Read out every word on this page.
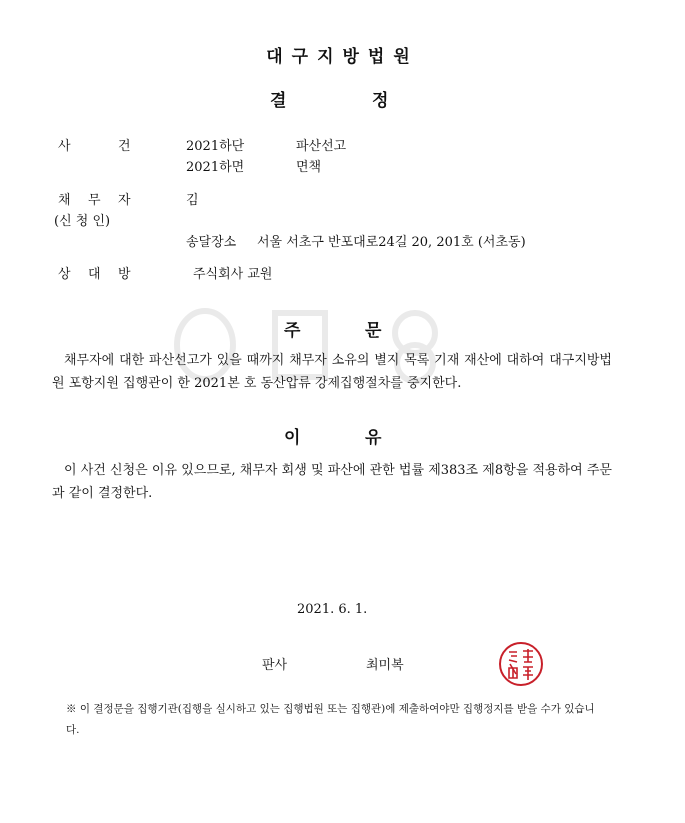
대구지방법원
결	정
사	건	2021하단	파산선고
2021하면	면책
채 무 자	김
(신 청 인)
송달장소 서울 서초구 반포대로24길 20, 201호 (서초동)
상 대 방	주식회사 교원
주	문
채무자에 대한 파산선고가 있을 때까지 채무자 소유의 별지 목록 기재 재산에 대하여 대구지방법원 포항지원 집행관이 한 2021본 호 동산압류 강제집행절차를 중지한다.
이	유
이 사건 신청은 이유 있으므로, 채무자 회생 및 파산에 관한 법률 제383조 제8항을 적용하여 주문과 같이 결정한다.
2021. 6. 1.
판사	최미복
※ 이 결정문을 집행기관(집행을 실시하고 있는 집행법원 또는 집행관)에 제출하여야만 집행정지를 받을 수가 있습니다.
